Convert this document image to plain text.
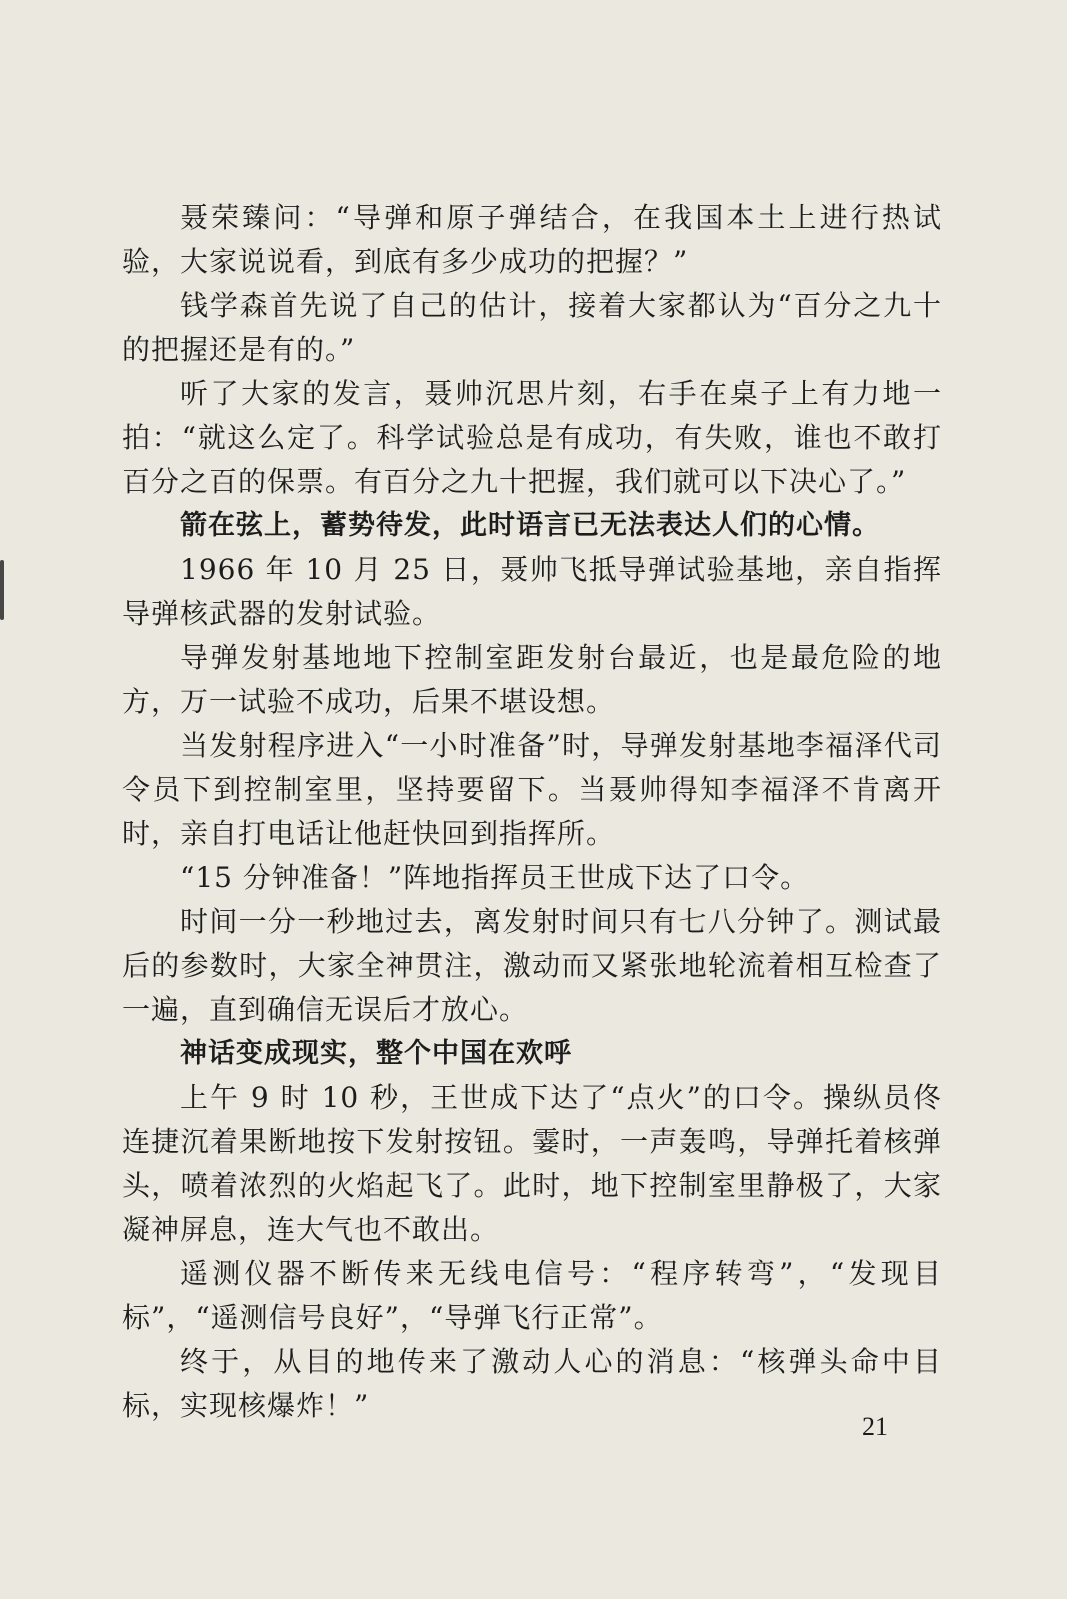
聂荣臻问：“导弹和原子弹结合，在我国本土上进行热试验，大家说说看，到底有多少成功的把握？”

钱学森首先说了自己的估计，接着大家都认为“百分之九十的把握还是有的。”

听了大家的发言，聂帅沉思片刻，右手在桌子上有力地一拍：“就这么定了。科学试验总是有成功，有失败，谁也不敢打百分之百的保票。有百分之九十把握，我们就可以下决心了。”

箭在弦上，蓄势待发，此时语言已无法表达人们的心情。

1966 年 10 月 25 日，聂帅飞抵导弹试验基地，亲自指挥导弹核武器的发射试验。

导弹发射基地地下控制室距发射台最近，也是最危险的地方，万一试验不成功，后果不堪设想。

当发射程序进入“一小时准备”时，导弹发射基地李福泽代司令员下到控制室里，坚持要留下。当聂帅得知李福泽不肯离开时，亲自打电话让他赶快回到指挥所。

“15 分钟准备！”阵地指挥员王世成下达了口令。

时间一分一秒地过去，离发射时间只有七八分钟了。测试最后的参数时，大家全神贯注，激动而又紧张地轮流着相互检查了一遍，直到确信无误后才放心。

神话变成现实，整个中国在欢呼

上午 9 时 10 秒，王世成下达了“点火”的口令。操纵员佟连捷沉着果断地按下发射按钮。霎时，一声轰鸣，导弹托着核弹头，喷着浓烈的火焰起飞了。此时，地下控制室里静极了，大家凝神屏息，连大气也不敢出。

遥测仪器不断传来无线电信号：“程序转弯”，“发现目标”，“遥测信号良好”，“导弹飞行正常”。

终于，从目的地传来了激动人心的消息：“核弹头命中目标，实现核爆炸！”

21
